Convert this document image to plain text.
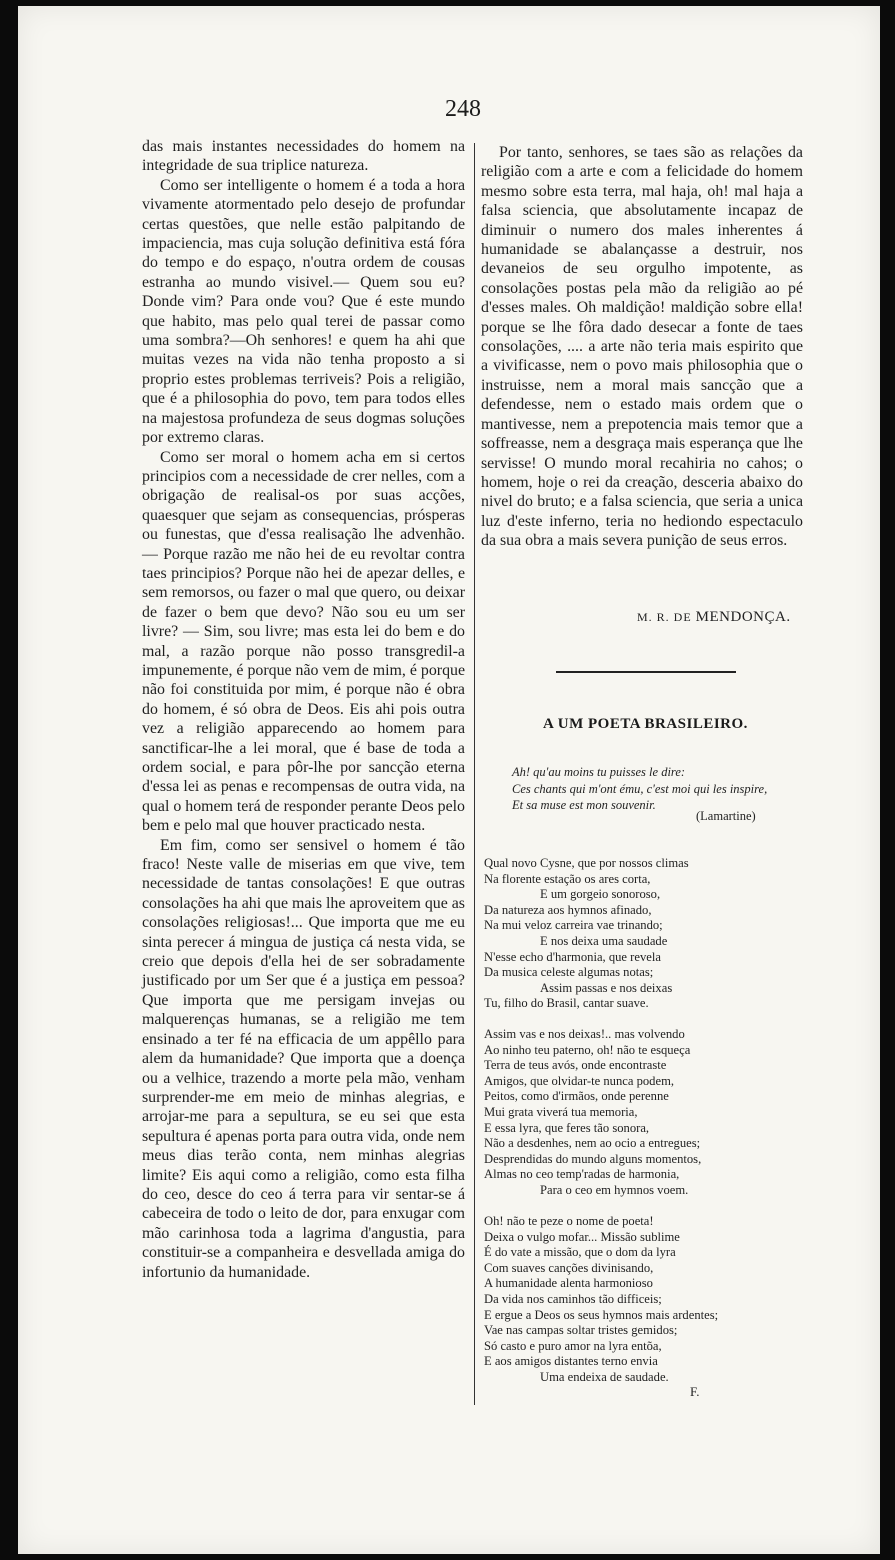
248

das mais instantes necessidades do homem na integridade de sua triplice natureza.

Como ser intelligente o homem é a toda a hora vivamente atormentado pelo desejo de profundar certas questões, que nelle estão palpitando de impaciencia, mas cuja solução definitiva está fóra do tempo e do espaço, n'outra ordem de cousas estranha ao mundo visivel.— Quem sou eu? Donde vim? Para onde vou? Que é este mundo que habito, mas pelo qual terei de passar como uma sombra?—Oh senhores! e quem ha ahi que muitas vezes na vida não tenha proposto a si proprio estes problemas terriveis? Pois a religião, que é a philosophia do povo, tem para todos elles na majestosa profundeza de seus dogmas soluções por extremo claras.

Como ser moral o homem acha em si certos principios com a necessidade de crer nelles, com a obrigação de realisal-os por suas acções, quaesquer que sejam as consequencias, prósperas ou funestas, que d'essa realisação lhe advenhão. — Porque razão me não hei de eu revoltar contra taes principios? Porque não hei de apezar delles, e sem remorsos, ou fazer o mal que quero, ou deixar de fazer o bem que devo? Não sou eu um ser livre? — Sim, sou livre; mas esta lei do bem e do mal, a razão porque não posso transgredil-a impunemente, é porque não vem de mim, é porque não foi constituida por mim, é porque não é obra do homem, é só obra de Deos. Eis ahi pois outra vez a religião apparecendo ao homem para sanctificar-lhe a lei moral, que é base de toda a ordem social, e para pôr-lhe por sancção eterna d'essa lei as penas e recompensas de outra vida, na qual o homem terá de responder perante Deos pelo bem e pelo mal que houver practicado nesta.

Em fim, como ser sensivel o homem é tão fraco! Neste valle de miserias em que vive, tem necessidade de tantas consolações! E que outras consolações ha ahi que mais lhe aproveitem que as consolações religiosas!... Que importa que me eu sinta perecer á mingua de justiça cá nesta vida, se creio que depois d'ella hei de ser sobradamente justificado por um Ser que é a justiça em pessoa? Que importa que me persigam invejas ou malquerenças humanas, se a religião me tem ensinado a ter fé na efficacia de um appêllo para alem da humanidade? Que importa que a doença ou a velhice, trazendo a morte pela mão, venham surprender-me em meio de minhas alegrias, e arrojar-me para a sepultura, se eu sei que esta sepultura é apenas porta para outra vida, onde nem meus dias terão conta, nem minhas alegrias limite? Eis aqui como a religião, como esta filha do ceo, desce do ceo á terra para vir sentar-se á cabeceira de todo o leito de dor, para enxugar com mão carinhosa toda a lagrima d'angustia, para constituir-se a companheira e desvellada amiga do infortunio da humanidade.

Por tanto, senhores, se taes são as relações da religião com a arte e com a felicidade do homem mesmo sobre esta terra, mal haja, oh! mal haja a falsa sciencia, que absolutamente incapaz de diminuir o numero dos males inherentes á humanidade se abalançasse a destruir, nos devaneios de seu orgulho impotente, as consolações postas pela mão da religião ao pé d'esses males. Oh maldição! maldição sobre ella! porque se lhe fôra dado desecar a fonte de taes consolações, .... a arte não teria mais espirito que a vivificasse, nem o povo mais philosophia que o instruisse, nem a moral mais sancção que a defendesse, nem o estado mais ordem que o mantivesse, nem a prepotencia mais temor que a soffreasse, nem a desgraça mais esperança que lhe servisse! O mundo moral recahiria no cahos; o homem, hoje o rei da creação, desceria abaixo do nivel do bruto; e a falsa sciencia, que seria a unica luz d'este inferno, teria no hediondo espectaculo da sua obra a mais severa punição de seus erros.

M. R. DE MENDONÇA.
A UM POETA BRASILEIRO.
Ah! qu'au moins tu puisses le dire:
Ces chants qui m'ont ému, c'est moi qui les inspire,
Et sa muse est mon souvenir.
(Lamartine)
Qual novo Cysne, que por nossos climas
Na florente estação os ares corta,
E um gorgeio sonoroso,
Da natureza aos hymnos afinado,
Na mui veloz carreira vae trinando;
E nos deixa uma saudade
N'esse echo d'harmonia, que revela
Da musica celeste algumas notas;
Assim passas e nos deixas
Tu, filho do Brasil, cantar suave.
Assim vas e nos deixas!.. mas volvendo
Ao ninho teu paterno, oh! não te esqueça
Terra de teus avós, onde encontraste
Amigos, que olvidar-te nunca podem,
Peitos, como d'irmãos, onde perenne
Mui grata viverá tua memoria,
E essa lyra, que feres tão sonora,
Não a desdenhes, nem ao ocio a entregues;
Desprendidas do mundo alguns momentos,
Almas no ceo temp'radas de harmonia,
Para o ceo em hymnos voem.
Oh! não te peze o nome de poeta!
Deixa o vulgo mofar... Missão sublime
É do vate a missão, que o dom da lyra
Com suaves canções divinisando,
A humanidade alenta harmonioso
Da vida nos caminhos tão difficeis;
E ergue a Deos os seus hymnos mais ardentes;
Vae nas campas soltar tristes gemidos;
Só casto e puro amor na lyra entõa,
E aos amigos distantes terno envia
Uma endeixa de saudade.
F.
